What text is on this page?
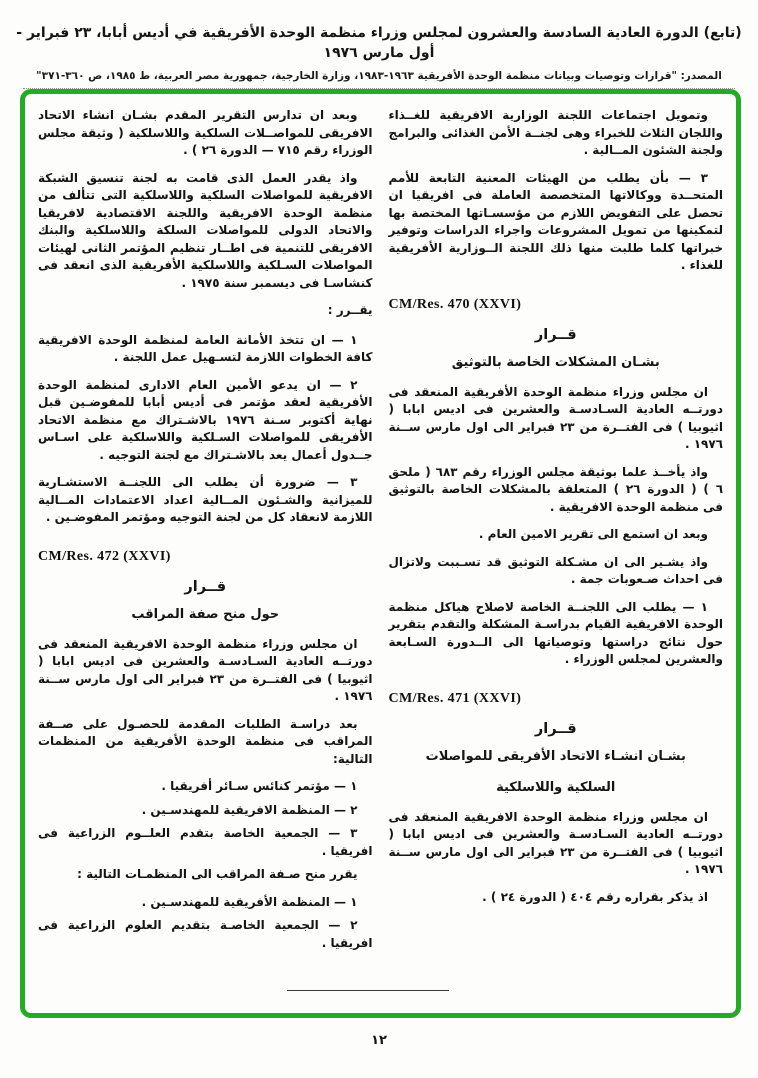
(تابع) الدورة العادية السادسة والعشرون لمجلس وزراء منظمة الوحدة الأفريقية في أديس أبابا، ٢٣ فبراير - أول مارس ١٩٧٦
المصدر: "قرارات وتوصيات وبيانات منظمة الوحدة الأفريقية ١٩٦٣-١٩٨٣، وزارة الخارجية، جمهورية مصر العربية، ط ١٩٨٥، ص ٣٦٠-٣٧١"
وتمويل اجتماعات اللجنة الوزارية الافريقية للغــذاء واللجان الثلاث للخبراء وهى لجنــة الأمن الغذائى والبرامج ولجنة الشئون المــالية .
٣ — بأن يطلب من الهيئات المعنية التابعة للأمم المتحــدة ووكالاتها المتخصصة العاملة فى افريقيا ان تحصل على التفويض اللازم من مؤسسـاتها المختصة بها لتمكينها من تمويل المشروعات واجراء الدراسات وتوفير خبراتها كلما طلبت منها ذلك اللجنة الــوزارية الأفريقية للغذاء .
CM/Res. 470 (XXVI)
قــرار
بشـان المشكلات الخاصة بالتوثيق
ان مجلس وزراء منظمة الوحدة الأفريقية المنعقد فى دورتــه العادية السـادسـة والعشرين فى اديس ابابا ( اثيوبيا ) فى الفتــرة من ٢٣ فبراير الى اول مارس ســنة ١٩٧٦ .
واذ يأخــذ علما بوثيقة مجلس الوزراء رقم ٦٨٣ ( ملحق ٦ ) ( الدورة ٢٦ ) المتعلقة بالمشكلات الخاصة بالتوثيق فى منظمة الوحدة الافريقية .
وبعد ان استمع الى تقرير الامين العام .
واذ يشـير الى ان مشـكلة التوثيق قد تسـببت ولاتزال فى احداث صـعوبات جمة .
١ — يطلب الى اللجنــة الخاصة لاصلاح هياكل منظمة الوحدة الافريقية القيام بدراسـة المشكلة والتقدم بتقرير حول نتائج دراستها وتوصياتها الى الــدورة السـابعة والعشرين لمجلس الوزراء .
CM/Res. 471 (XXVI)
قــرار
بشـان انشـاء الاتحاد الأفريقى للمواصلات
السلكية واللاسلكية
ان مجلس وزراء منظمة الوحدة الافريقية المنعقد فى دورتــه العادية السـادسـة والعشرين فى اديس ابابا ( اثيوبيا ) فى الفتــرة من ٢٣ فبراير الى اول مارس ســنة ١٩٧٦ .
اذ يذكر بقراره رقم ٤٠٤ ( الدورة ٢٤ ) .
وبعد ان تدارس التقرير المقدم بشـان انشاء الاتحاد الافريقى للمواصــلات السلكية واللاسلكية ( وثيقة مجلس الوزراء رقم ٧١٥ — الدورة ٢٦ ) .
واذ يقدر العمل الذى قامت به لجنة تنسيق الشبكة الافريقية للمواصلات السلكية واللاسلكية التى تتألف من منظمة الوحدة الافريقية واللجنة الاقتصادية لافريقيا والاتحاد الدولى للمواصلات السلكة واللاسلكية والبنك الافريقى للتنمية فى اطــار تنظيم المؤتمر الثانى لهيئات المواصلات السـلكية واللاسلكية الأفريقية الذى انعقد فى كنشاسـا فى ديسمبر سنة ١٩٧٥ .
يقــرر :
١ — ان تتخذ الأمانة العامة لمنظمة الوحدة الافريقية كافة الخطوات اللازمة لتسـهيل عمل اللجنة .
٢ — ان يدعو الأمين العام الادارى لمنظمة الوحدة الأفريقية لعقد مؤتمر فى أديس أبابا للمفوضـين قبل نهاية أكتوبر سـنة ١٩٧٦ بالاشـتراك مع منظمة الاتحاد الأفريقى للمواصلات السـلكية واللاسلكية على اسـاس جــدول أعمال يعد بالاشـتراك مع لجنة التوجيه .
٣ — ضرورة أن يطلب الى اللجنــة الاستشـارية للميزانية والشـئون المــالية اعداد الاعتمادات المــالية اللازمة لانعقاد كل من لجنة التوجيه ومؤتمر المفوضـين .
CM/Res. 472 (XXVI)
قــرار
حول منح صفة المراقب
ان مجلس وزراء منظمة الوحدة الافريقية المنعقد فى دورتــه العادية السـادسـة والعشرين فى اديس ابابا ( اثيوبيا ) فى الفتــرة من ٢٣ فبراير الى اول مارس ســنة ١٩٧٦ .
بعد دراسـة الطلبات المقدمة للحصـول على صــفة المراقب فى منظمة الوحدة الأفريقية من المنظمات التالية:
١ — مؤتمر كنائس سـائر أفريقيا .
٢ — المنظمة الافريقية للمهندسـين .
٣ — الجمعية الخاصة بتقدم العلــوم الزراعية فى افريقيا .
يقرر منح صـفة المراقب الى المنظمـات التالية :
١ — المنظمة الأفريقية للمهندسـين .
٢ — الجمعية الخاصـة بتقديم العلوم الزراعية فى افريقيا .
١٢
